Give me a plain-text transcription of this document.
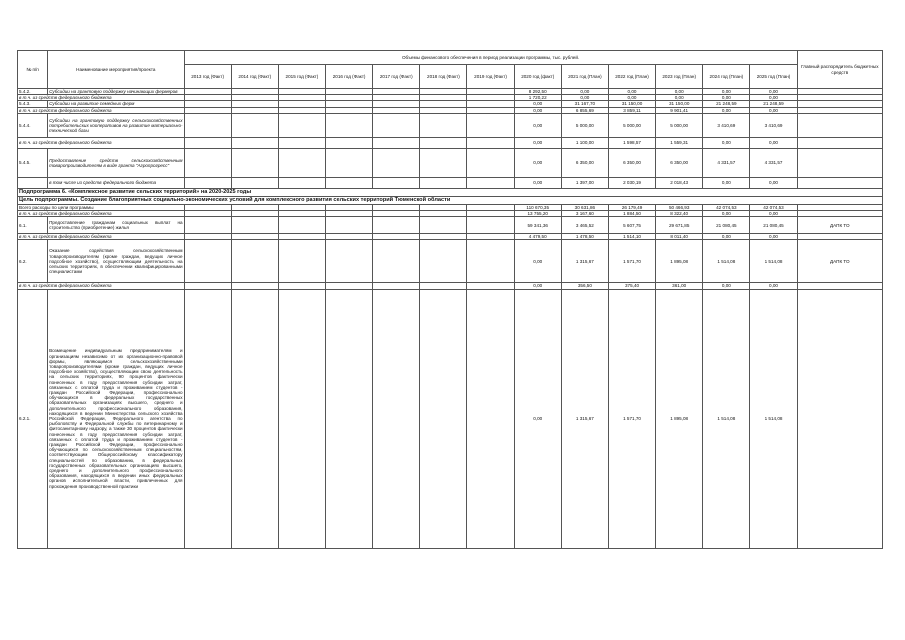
№ п/п	Наименование мероприятия/проекта	Объемы финансового обеспечения в период реализации программы, тыс. рублей.													Главный распорядитель бюджетных средств
		2013 год (Факт)	2014 год (Факт)	2015 год (Факт)	2016 год (Факт)	2017 год (Факт)	2018 год (Факт)	2019 год (Факт)	2020 год (факт)	2021 год (План)	2022 год (План)	2023 год (План)	2024 год (План)	2025 год (План)	
5.4.2.	Субсидии на грантовую поддержку начинающих фермеров								8 292,50	0,00	0,00	0,00	0,00	0,00	
в т.ч. из средств федерального бюджета									1 720,22	0,00	0,00	0,00	0,00	0,00	
5.4.3.	Субсидии на развитие семейных ферм								0,00	31 167,70	31 150,00	31 150,00	21 248,59	21 248,59	
в т.ч. из средств федерального бюджета									0,00	6 855,69	3 859,11	9 901,41	0,00	0,00	
5.4.4.	Субсидии на грантовую поддержку сельскохозяйственных потребительских кооперативов на развитие материально-технической базы								0,00	5 000,00	5 000,00	5 000,00	3 410,69	3 410,69	
в т.ч. из средств федерального бюджета									0,00	1 100,00	1 598,57	1 559,31	0,00	0,00	
5.4.5.	Предоставление средств сельскохозяйственным товаропроизводителям в виде гранта "Агропрогресс"								0,00	6 350,00	6 350,00	6 350,00	4 331,57	4 331,57	
	в том числе из средств федерального бюджета								0,00	1 397,00	2 030,19	2 018,43	0,00	0,00	
Подпрограмма 6. «Комплексное развитие сельских территорий» на 2020-2025 годы															
Цель подпрограммы. Создание благоприятных социально-экономических условий для комплексного развития сельских территорий Тюменской области															
Всего расходы по цели программы									110 670,35	30 631,86	26 179,49	50 466,93	42 074,53	42 074,53	
в т.ч. из средств федерального бюджета									13 755,20	3 167,60	1 884,50	8 322,40	0,00	0,00	
6.1.	Предоставление гражданам социальных выплат на строительство (приобретение) жилья								59 341,36	3 465,52	5 607,75	29 671,85	21 080,45	21 080,45	ДАПК ТО
в т.ч. из средств федерального бюджета									4 479,50	1 478,50	1 514,10	8 011,40	0,00	0,00	
6.2.	Оказание содействия сельскохозяйственным товаропроизводителям (кроме граждан, ведущих личное подсобное хозяйство), осуществляющим деятельность на сельских территориях, в обеспечении квалифицированными специалистами								0,00	1 315,67	1 571,70	1 895,08	1 514,08	1 514,08	ДАПК ТО
в т.ч. из средств федерального бюджета									0,00	356,50	375,40	361,00	0,00	0,00	
6.2.1.	Возмещение индивидуальным предпринимателям и организациям независимо от их организационно-правовой формы, являющимся сельскохозяйственными товаропроизводителями (кроме граждан, ведущих личное подсобное хозяйство), осуществляющим свою деятельность на сельских территориях, 90 процентов фактически понесенных в году предоставления субсидии затрат, связанных с оплатой труда и проживанием студентов - граждан Российской Федерации, профессионально обучающихся в федеральных государственных образовательных организациях высшего, среднего и дополнительного профессионального образования, находящихся в ведении Министерства сельского хозяйства Российской Федерации, Федерального агентства по рыболовству и Федеральной службы по ветеринарному и фитосанитарному надзору, а также 30 процентов фактически понесенных в году предоставления субсидии затрат, связанных с оплатой труда и проживанием студентов - граждан Российской Федерации, профессионально обучающихся по сельскохозяйственным специальностям, соответствующим Общероссийскому классификатору специальностей по образованию, в федеральных государственных образовательных организациях высшего, среднего и дополнительного профессионального образования, находящихся в ведении иных федеральных органов исполнительной власти, привлеченных для прохождения производственной практики								0,00	1 315,67	1 571,70	1 895,08	1 514,08	1 514,08	
